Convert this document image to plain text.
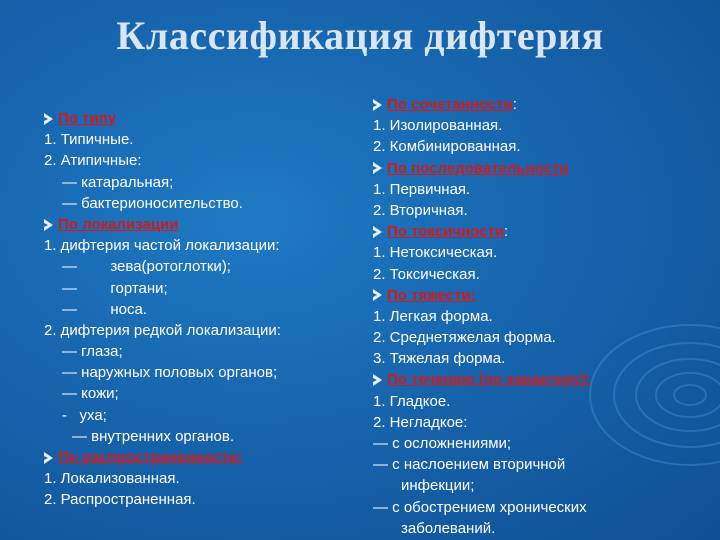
Классификация дифтерия
По типу
1. Типичные.
2. Атипичные:
— катаральная;
— бактерионосительство.
По локализации
1. дифтерия частой локализации:
—        зева(ротоглотки);
—        гортани;
—        носа.
2. дифтерия редкой локализации:
— глаза;
— наружных половых органов;
— кожи;
-   уха;
— внутренних органов.
По распространенности:
1. Локализованная.
2. Распространенная.
По сочетанности :
1. Изолированная.
2. Комбинированная.
По последовательности
1. Первичная.
2. Вторичная.
По токсичности :
1. Нетоксическая.
2. Токсическая.
По тяжести:
1. Легкая форма.
2. Среднетяжелая форма.
3. Тяжелая форма.
По течению (по характеру):
1. Гладкое.
2. Негладкое:
— с осложнениями;
— с наслоением вторичной
инфекции;
— с обострением хронических
заболеваний.
